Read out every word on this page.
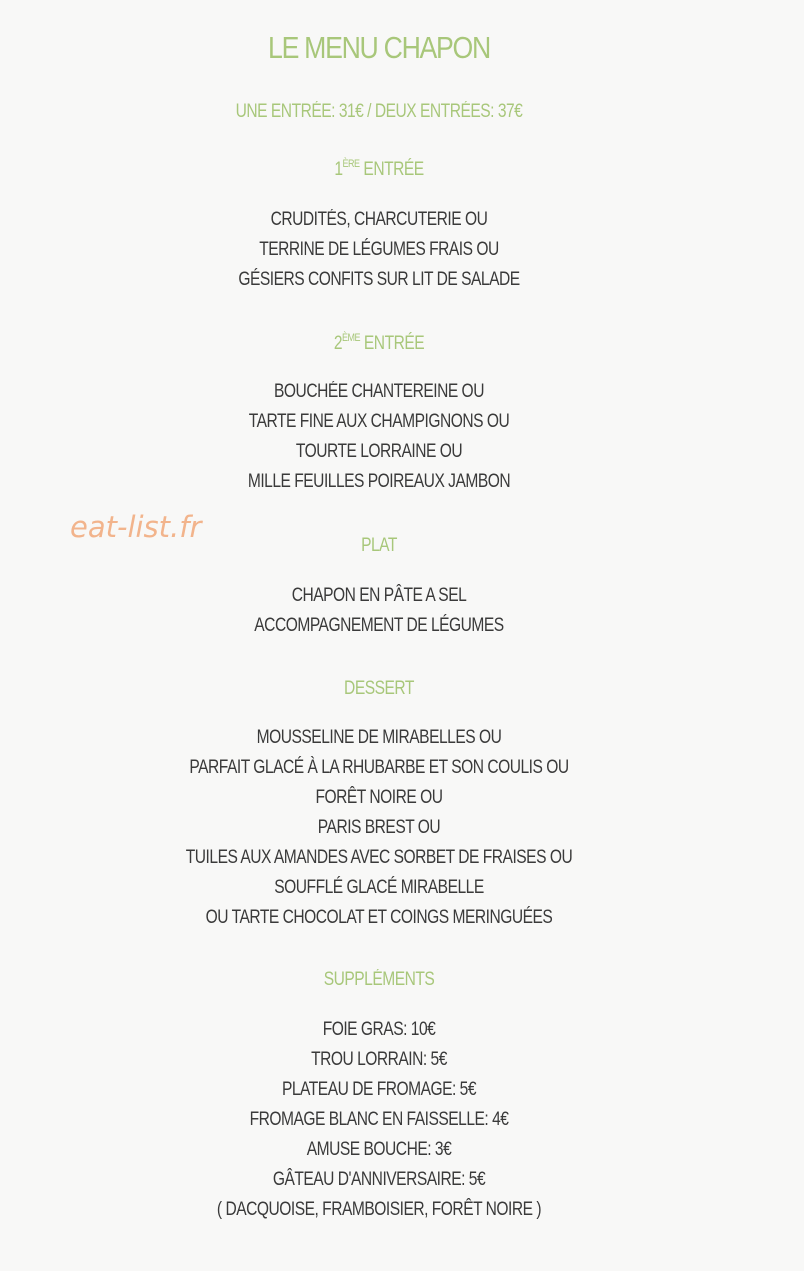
LE MENU CHAPON
UNE ENTRÉE: 31€ / DEUX ENTRÉES: 37€
1ÈRE ENTRÉE
CRUDITÉS, CHARCUTERIE OU
TERRINE DE LÉGUMES FRAIS OU
GÉSIERS CONFITS SUR LIT DE SALADE
2ÈME ENTRÉE
BOUCHÉE CHANTEREINE OU
TARTE FINE AUX CHAMPIGNONS OU
TOURTE LORRAINE OU
MILLE FEUILLES POIREAUX JAMBON
PLAT
CHAPON EN PÂTE A SEL
ACCOMPAGNEMENT DE LÉGUMES
DESSERT
MOUSSELINE DE MIRABELLES OU
PARFAIT GLACÉ À LA RHUBARBE ET SON COULIS OU
FORÊT NOIRE OU
PARIS BREST OU
TUILES AUX AMANDES AVEC SORBET DE FRAISES OU
SOUFFLÉ GLACÉ MIRABELLE
OU TARTE CHOCOLAT ET COINGS MERINGUÉES
SUPPLÉMENTS
FOIE GRAS: 10€
TROU LORRAIN: 5€
PLATEAU DE FROMAGE: 5€
FROMAGE BLANC EN FAISSELLE: 4€
AMUSE BOUCHE: 3€
GÂTEAU D'ANNIVERSAIRE: 5€
( DACQUOISE, FRAMBOISIER, FORÊT NOIRE )
eat-list.fr
